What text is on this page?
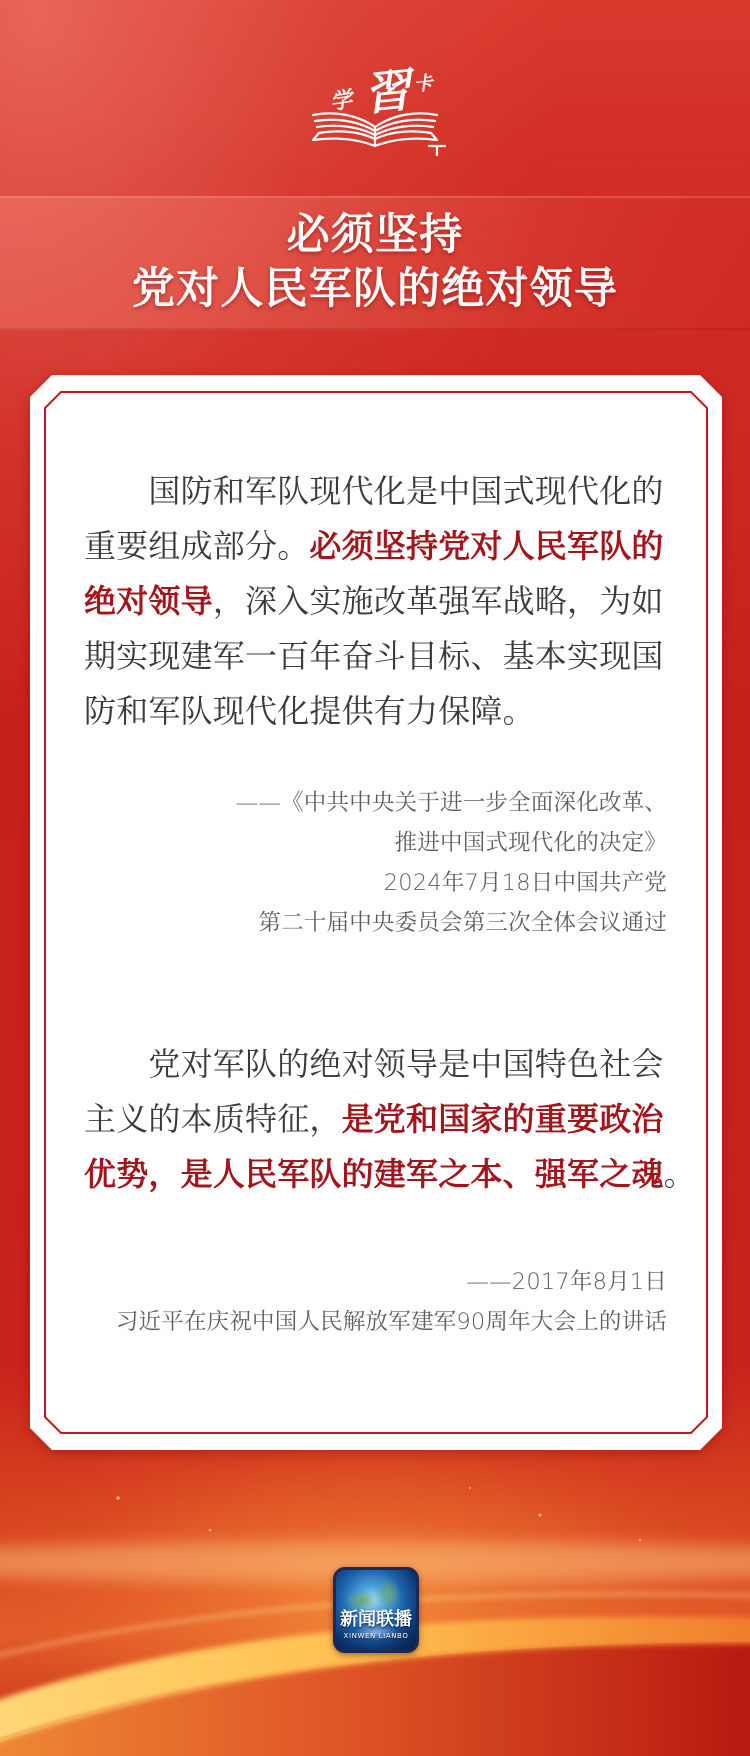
学 習 卡
必须坚持
党对人民军队的绝对领导
国防和军队现代化是中国式现代化的
重要组成部分。必须坚持党对人民军队的
绝对领导，深入实施改革强军战略，为如
期实现建军一百年奋斗目标、基本实现国
防和军队现代化提供有力保障。
——《中共中央关于进一步全面深化改革、
推进中国式现代化的决定》
2024年7月18日中国共产党
第二十届中央委员会第三次全体会议通过
党对军队的绝对领导是中国特色社会
主义的本质特征，是党和国家的重要政治
优势，是人民军队的建军之本、强军之魂。
——2017年8月1日
习近平在庆祝中国人民解放军建军90周年大会上的讲话
新闻联播
XINWEN LIANBO
